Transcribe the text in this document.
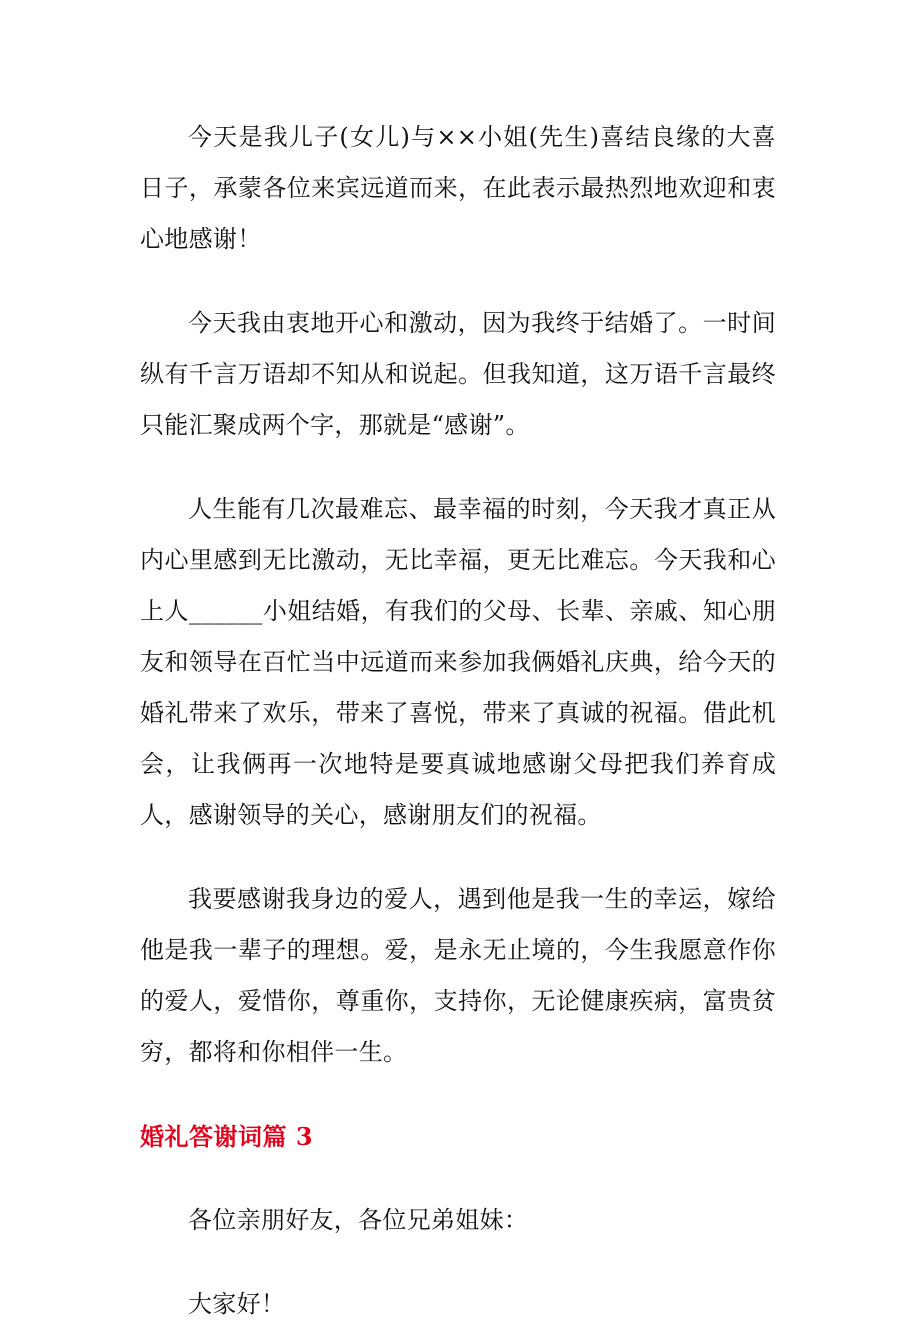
今天是我儿子(女儿)与××小姐(先生)喜结良缘的大喜日子，承蒙各位来宾远道而来，在此表示最热烈地欢迎和衷心地感谢！

今天我由衷地开心和激动，因为我终于结婚了。一时间纵有千言万语却不知从和说起。但我知道，这万语千言最终只能汇聚成两个字，那就是“感谢”。

人生能有几次最难忘、最幸福的时刻，今天我才真正从内心里感到无比激动，无比幸福，更无比难忘。今天我和心上人______小姐结婚，有我们的父母、长辈、亲戚、知心朋友和领导在百忙当中远道而来参加我俩婚礼庆典，给今天的婚礼带来了欢乐，带来了喜悦，带来了真诚的祝福。借此机会，让我俩再一次地特是要真诚地感谢父母把我们养育成人，感谢领导的关心，感谢朋友们的祝福。

我要感谢我身边的爱人，遇到他是我一生的幸运，嫁给他是我一辈子的理想。爱，是永无止境的，今生我愿意作你的爱人，爱惜你，尊重你，支持你，无论健康疾病，富贵贫穷，都将和你相伴一生。

婚礼答谢词篇 3

各位亲朋好友，各位兄弟姐妹：

大家好！
